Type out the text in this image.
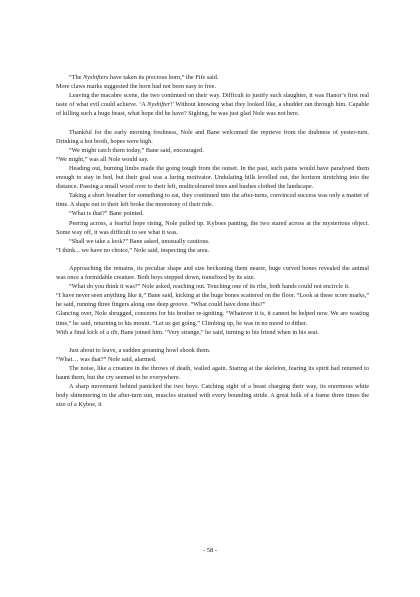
“The Nyshifters have taken its precious horn,” the Fife said.

More claws marks suggested the horn had not been easy to free.

Leaving the macabre scene, the two continued on their way. Difficult to justify such slaughter, it was Hanor’s first real taste of what evil could achieve. ‘A Nyshifter!’ Without knowing what they looked like, a shudder ran through him. Capable of killing such a huge beast, what hope did he have? Sighing, he was just glad Nole was not here.

Thankful for the early morning freshness, Nole and Bane welcomed the reprieve from the drabness of yester-turn. Drinking a hot broth, hopes were high.

“We might catch them today,” Bane said, encouraged.

“We might,” was all Nole would say.

Heading out, burning limbs made the going tough from the outset. In the past, such pains would have paralysed them enough to stay in bed, but their goal was a luring motivator. Undulating hills levelled out, the horizon stretching into the distance. Passing a small wood over to their left, multicoloured trees and bushes clothed the landscape.

Taking a short breather for something to eat, they continued into the after-turns, convinced success was only a matter of time. A shape out to their left broke the monotony of their ride.

“What is that?” Bane pointed.

Peering across, a fearful hope rising, Nole pulled up. Kyboes panting, the two stared across at the mysterious object. Some way off, it was difficult to see what it was.

“Shall we take a look?” Bane asked, unusually cautious.

“I think... we have no choice,” Nole said, inspecting the area.

Approaching the remains, its peculiar shape and size beckoning them nearer, huge curved bones revealed the animal was once a formidable creature. Both boys stepped down, transfixed by its size.

“What do you think it was?” Nole asked, reaching out. Touching one of its ribs, both hands could not encircle it.

“I have never seen anything like it,” Bane said, kicking at the huge bones scattered on the floor. “Look at these score marks,” he said, running three fingers along one deep groove. “What could have done this?”

Glancing over, Nole shrugged, concerns for his brother re-igniting. “Whatever it is, it cannot be helped now. We are wasting time,” he said, returning to his mount. “Let us get going.” Climbing up, he was in no mood to dither.

With a final kick of a rib, Bane joined him. “Very strange,” he said, turning to his friend when in his seat.

Just about to leave, a sudden groaning howl shook them.

“What… was that?” Nole said, alarmed.

The noise, like a creature in the throws of death, wailed again. Staring at the skeleton, fearing its spirit had returned to haunt them, but the cry seemed to be everywhere.

A sharp movement behind panicked the two boys. Catching sight of a beast charging their way, its enormous white body shimmering in the after-turn sun, muscles strained with every bounding stride. A great hulk of a frame three times the size of a Kyboe, it

- 58 -
